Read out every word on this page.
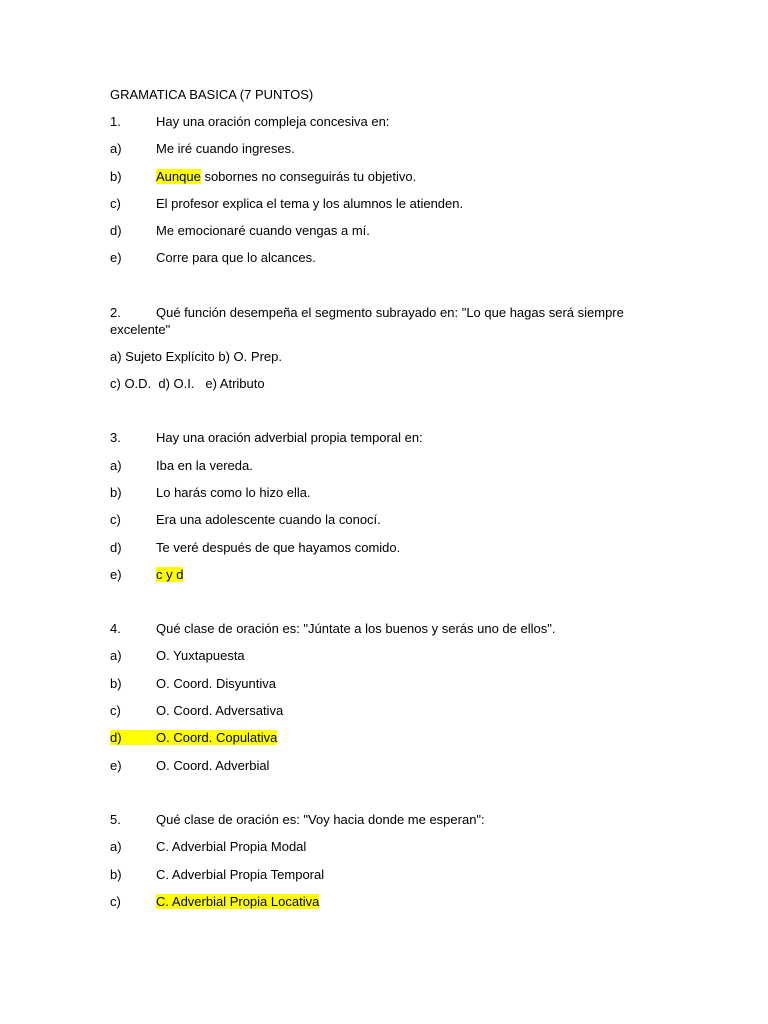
GRAMATICA BASICA (7 PUNTOS)
1.	Hay una oración compleja concesiva en:
a)	Me iré cuando ingreses.
b)	Aunque sobornes no conseguirás tu objetivo.
c)	El profesor explica el tema y los alumnos le atienden.
d)	Me emocionaré cuando vengas a mí.
e)	Corre para que lo alcances.
2.	Qué función desempeña el segmento subrayado en: "Lo que hagas será siempre
excelente"
a) Sujeto Explícito b) O. Prep.
c) O.D.  d) O.I.   e) Atributo
3.	Hay una oración adverbial propia temporal en:
a)	Iba en la vereda.
b)	Lo harás como lo hizo ella.
c)	Era una adolescente cuando la conocí.
d)	Te veré después de que hayamos comido.
e)	c y d
4.	Qué clase de oración es: "Júntate a los buenos y serás uno de ellos".
a)	O. Yuxtapuesta
b)	O. Coord. Disyuntiva
c)	O. Coord. Adversativa
d)	O. Coord. Copulativa
e)	O. Coord. Adverbial
5.	Qué clase de oración es: "Voy hacia donde me esperan":
a)	C. Adverbial Propia Modal
b)	C. Adverbial Propia Temporal
c)	C. Adverbial Propia Locativa
